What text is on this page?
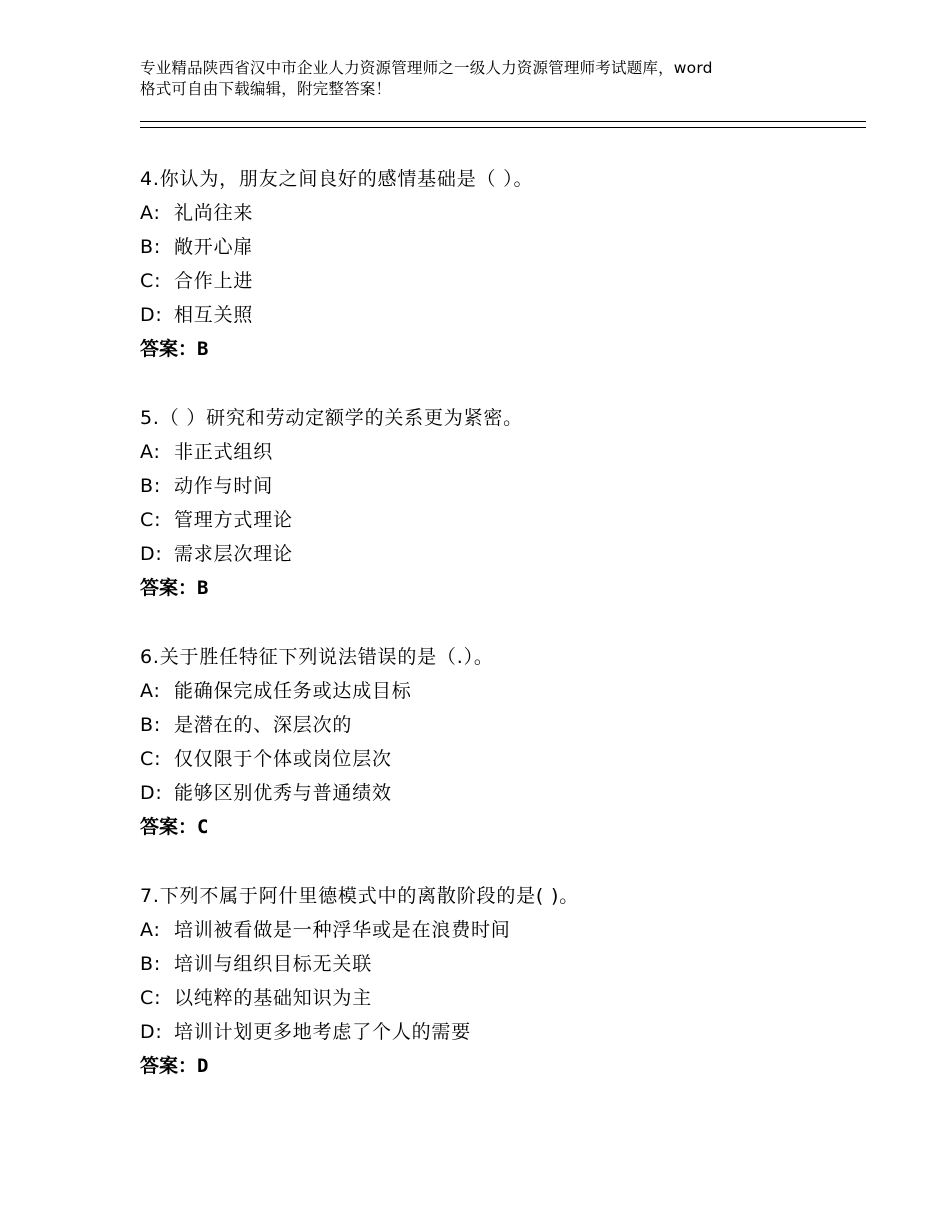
专业精品陕西省汉中市企业人力资源管理师之一级人力资源管理师考试题库，word
格式可自由下载编辑，附完整答案！
4.你认为，朋友之间良好的感情基础是（ ）。
A: 礼尚往来
B: 敞开心扉
C: 合作上进
D: 相互关照
答案：B
5.（ ）研究和劳动定额学的关系更为紧密。
A: 非正式组织
B: 动作与时间
C: 管理方式理论
D: 需求层次理论
答案：B
6.关于胜任特征下列说法错误的是（.）。
A: 能确保完成任务或达成目标
B: 是潜在的、深层次的
C: 仅仅限于个体或岗位层次
D: 能够区别优秀与普通绩效
答案：C
7.下列不属于阿什里德模式中的离散阶段的是( )。
A: 培训被看做是一种浮华或是在浪费时间
B: 培训与组织目标无关联
C: 以纯粹的基础知识为主
D: 培训计划更多地考虑了个人的需要
答案：D
